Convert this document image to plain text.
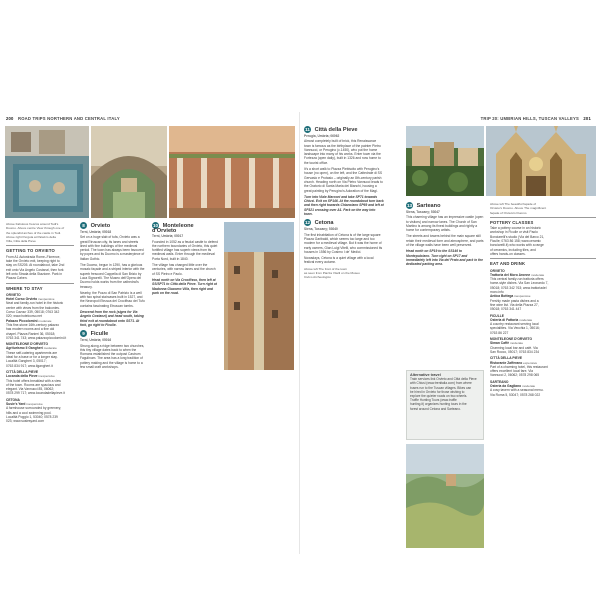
200 ROAD TRIPS NORTHERN AND CENTRAL ITALY
Above Fabulous frescos around Todi's
Duomo. Above centre View through one of
the splendid arches of the castle in Todi.
Above right Pergola at Palazzo della
Villa, Città della Pieve
GETTING TO ORVIETO
From A1 Autostrada Rome–Florence,
take the Orvieto exit, keeping right to
stay on SS205. At roundabout, take 2nd
exit onto Via Angelo Costanzi, then fork
left onto Strada della Stazione. Park in
Piazza Cahen.
WHERE TO STAY
ORVIETO
Hotel Corso Orvieto inexpensive
Neat and family-run hotel in the historic
centre with views from the balconies.
Corso Cavour 339, 05018; 0763 342
020; www.hotelcorso.net
Palazzo Piccolomini moderate
This fine-stone 16th-century palazzo
has modern rooms and a fine old
chapel. Piazza Ranieri 36, 05018;
0763 341 743; www.palazzopiccolomini.it
MONTELEONE D'ORVIETO
Agriturismo Il Gangheri moderate
These self-catering apartments are
ideal for a base or for a longer stay.
Località Gangheri 3, 05017;
0763 834 917; www.ilgangheri.it
CITTÀ DELLA PIEVE
Locanda della Pieve inexpensive
This hotel offers breakfast with a view
of the town. Rooms are spacious and
elegant. Via Vannucci 85, 06062;
0578 299 717; www.locandadellapieve.it
CETONA
Susie's Yard inexpensive
A farmhouse surrounded by greenery,
hills and a cool swimming pool.
Località Poggio 1, 53040; 0578 239
023; www.susiesyard.com
8 Orvieto
Terni, Umbria; 05018

Set on a huge slab of tufa, Orvieto was a great Etruscan city, its lanes and streets lined with fine buildings of the medieval period. The town has always been favoured by popes and its Duomo is a masterpiece of Italian Gothic.

The Duomo, begun in 1290, has a glorious mosaic façade and a striped interior with the superb frescoed Cappella di San Brizio by Luca Signorelli. The Museo dell'Opera del Duomo holds works from the cathedral's treasury.

Nearby, the Pozzo di San Patrizio is a well with two spiral staircases built in 1527, and the Necropoli Etrusca del Crocifisso del Tufo contains fascinating Etruscan tombs.

Descend from the rock (signs for Via Angelo Costanzi) and head south, taking third exit at roundabout onto SS71. At fork, go right to Ficulle.

9 Ficulle
Terni, Umbria; 05016

Strung along a ridge between two churches, this tiny village dates back to when the Romans established the outpost Castrum Fagulinum. The area has a long tradition of pottery making and the village is home to a few small craft workshops.

10 Monteleone d'Orvieto
Terni, Umbria; 05017

Founded in 1052 as a feudal castle to defend the northern boundaries of Orvieto, this quiet fortified village has superb views from its medieval walls. Enter through the medieval Porta Nord, built in 1840.

The village has changed little over the centuries, with narrow lanes and the church of SS Pietro e Paolo.

Head north on Via Crocifisso, then left at SS/SP71 to Città della Pieve. Turn right at Madonna Giacomo Villa, then right and park on the road.

TRIP 20: UMBRIAN HILLS, TUSCAN VALLEYS 201
11 Città della Pieve
Perugia, Umbria; 06062

Almost completely built of brick, this Renaissance town is famous as the birthplace of the painter Pietro Vannucci, or Perugino (c.1450), who put the home landscape into many of his works. Enter town via the Fortezza (open daily), built in 1326 and now home to the tourist office.

It's a short walk to Piazza Plebiscito with Perugino's house (no open), on the left, and the Cattedrale di SS Gervasio e Protasio – originally an 8th-century parish church. Heading north on Via Pietro Vannucci leads to the Oratorio di Santa Maria dei Bianchi, housing a great painting by Perugino's Adoration of the Magi.

Turn into Viale Marconi and take SP71 towards Chiusi. Exit on SP146. At the roundabout turn back and then right towards Chianciano SP69 and left at SP321 crossing over A1. Park on the way into town.

12 Cetona
Siena, Tuscany; 53040

The first inhabitation of Cetona is of the large square Piazza Garibaldi, which seems too large and too modern for a medieval village. But it was the home of early owners, Gian Luigi Vitelli, who commissioned its houses in 1556 by Cosimo I de' Medici.

Nowadays, Cetona is a quiet village with a local festival every autumn.

Above left The front of the town
as seen from Piazza Vitelli on the Museo
Civico Archeologico
13 Sarteano
Siena, Tuscany; 53047

This charming village has an impressive castle (open to visitors) and narrow lanes. The Church of San Martino is among its finest buildings and rightly a home for contemporary artists.

The streets and towers behind the main square still retain their medieval form and atmosphere, and parts of the village walls have been well preserved.

Head north on SP19 to the SS146 to Montepulciano. Turn right on SP17 and immediately left into Via del Prato and park in the dedicated parking area.

Alternative travel
Train services link Orvieto and Città della Pieve
with Chiusi (www.trenitalia.com) from where
buses run to the Tuscan villages. Bikes can
be hired in Orvieto for those wishing to
explore the quieter roads on two wheels.
Truffle Hunting Tours (www.truffle
hunting.it) organizes hunting tours in the
forest around Cetona and Sarteano.
Above left The beautiful façade of
Orvieto's Duomo. Above The magnificent
façade of Orvieto's Duomo
POTTERY CLASSES
Take a pottery course in an historic
workshop in Ficulle or visit Paolo
Bonciarelli's studio (Via del Barco 21,
Ficulle; 0763 86 158; www.ceramic
bonciarelli.it) who works with a range
of ceramics, including tiles, and
offers hands-on classes.
EAT AND DRINK
ORVIETO
Trattoria del Moro Aronne moderate
This central family-run trattoria offers
home-style dishes. Via San Leonardo 7,
05018; 0763 342 763; www.trattoriadel
moro.info
Antica Bottega inexpensive
Freshly made pasta dishes and a
fine wine list. Via della Piazza 27,
05018; 0763 341 447
FICULLE
Osteria di Fattoria moderate
A country restaurant serving local
specialities. Via Vecchia 1, 05016;
0763 86 227
MONTELEONE D'ORVIETO
Siman Caffè moderate
Charming local bar and café. Via
San Rocco, 05017; 0763 834 234
CITTÀ DELLA PIEVE
Ristorante Zafferano expensive
Part of a charming hotel, this restaurant
offers excellent local fare. Via
Vannucci 2, 06062; 0578 298 065
SARTEANO
Osteria da Gagliano moderate
A cosy tavern with a seasonal menu.
Via Roma 5, 53047; 0578 268 022
